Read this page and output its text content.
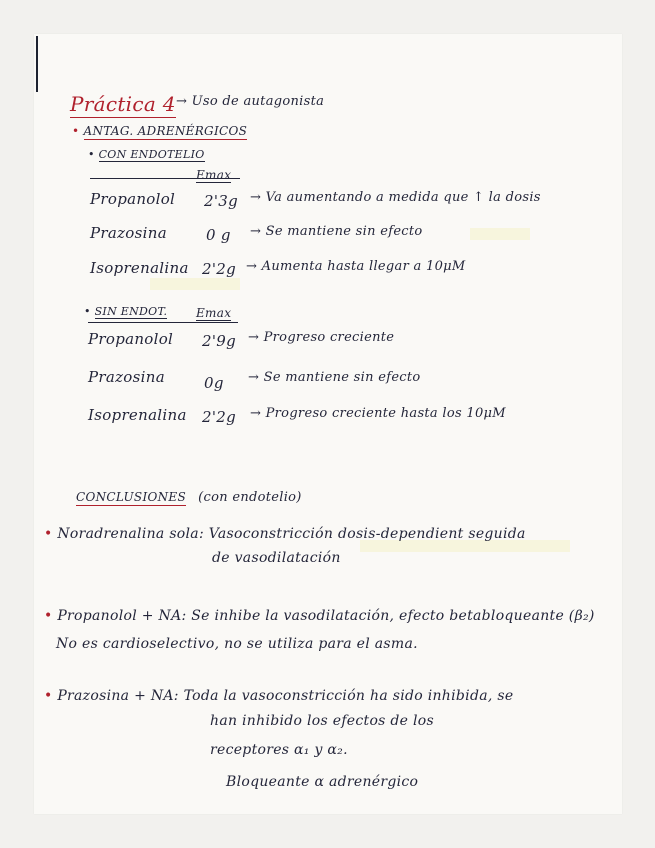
Práctica 4 → Uso de autagonista
• ANTAG. ADRENÉRGICOS
• CON ENDOTELIO
Emax
Propanolol 2'3g → Va aumentando a medida que ↑ la dosis
Prazosina	0 g → Se mantiene sin efecto
Isoprenalina 2'2g → Aumenta hasta llegar a 10μM
• SIN ENDOT. Emax
Propanolol 2'9g → Progreso creciente
Prazosina	0g → Se mantiene sin efecto
Isoprenalina 2'2g → Progreso creciente hasta los 10μM
CONCLUSIONES (con endotelio)
• Noradrenalina sola: Vasoconstricción dosis-dependient seguida
de vasodilatación
• Propanolol + NA: Se inhibe la vasodilatación, efecto betabloqueante (β₂)
No es cardioselectivo, no se utiliza para el asma.
• Prazosina + NA: Toda la vasoconstricción ha sido inhibida, se
han inhibido los efectos de los
receptores α₁ y α₂.
Bloqueante α adrenérgico
